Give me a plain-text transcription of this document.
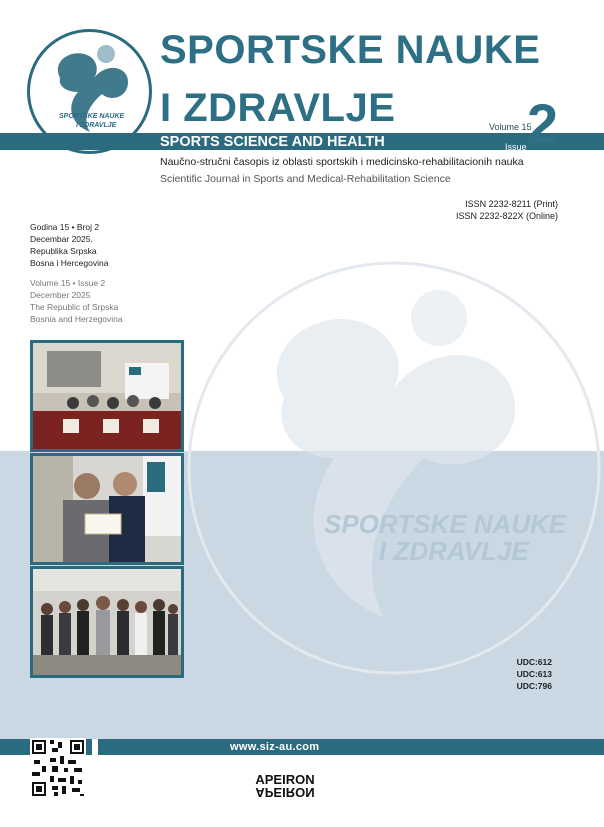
SPORTSKE NAUKE
I ZDRAVLJE
SPORTSKE NAUKE
I ZDRAVLJE
SPORTSKE NAUKE
I ZDRAVLJE
SPORTS SCIENCE AND HEALTH
Volume 15
Issue 2
Naučno-stručni časopis iz oblasti sportskih i medicinsko-rehabilitacionih nauka
Scientific Journal in Sports and Medical-Rehabilitation Science
ISSN 2232-8211 (Print)
ISSN 2232-822X (Online)
Godina 15 • Broj 2
Decembar 2025.
Republika Srpska
Bosna i Hercegovina
Volume 15 • Issue 2
December 2025
The Republic of Srpska
Bosnia and Herzegovina
UDC:612
UDC:613
UDC:796
www.siz-au.com
APEIRON
APEIRON
